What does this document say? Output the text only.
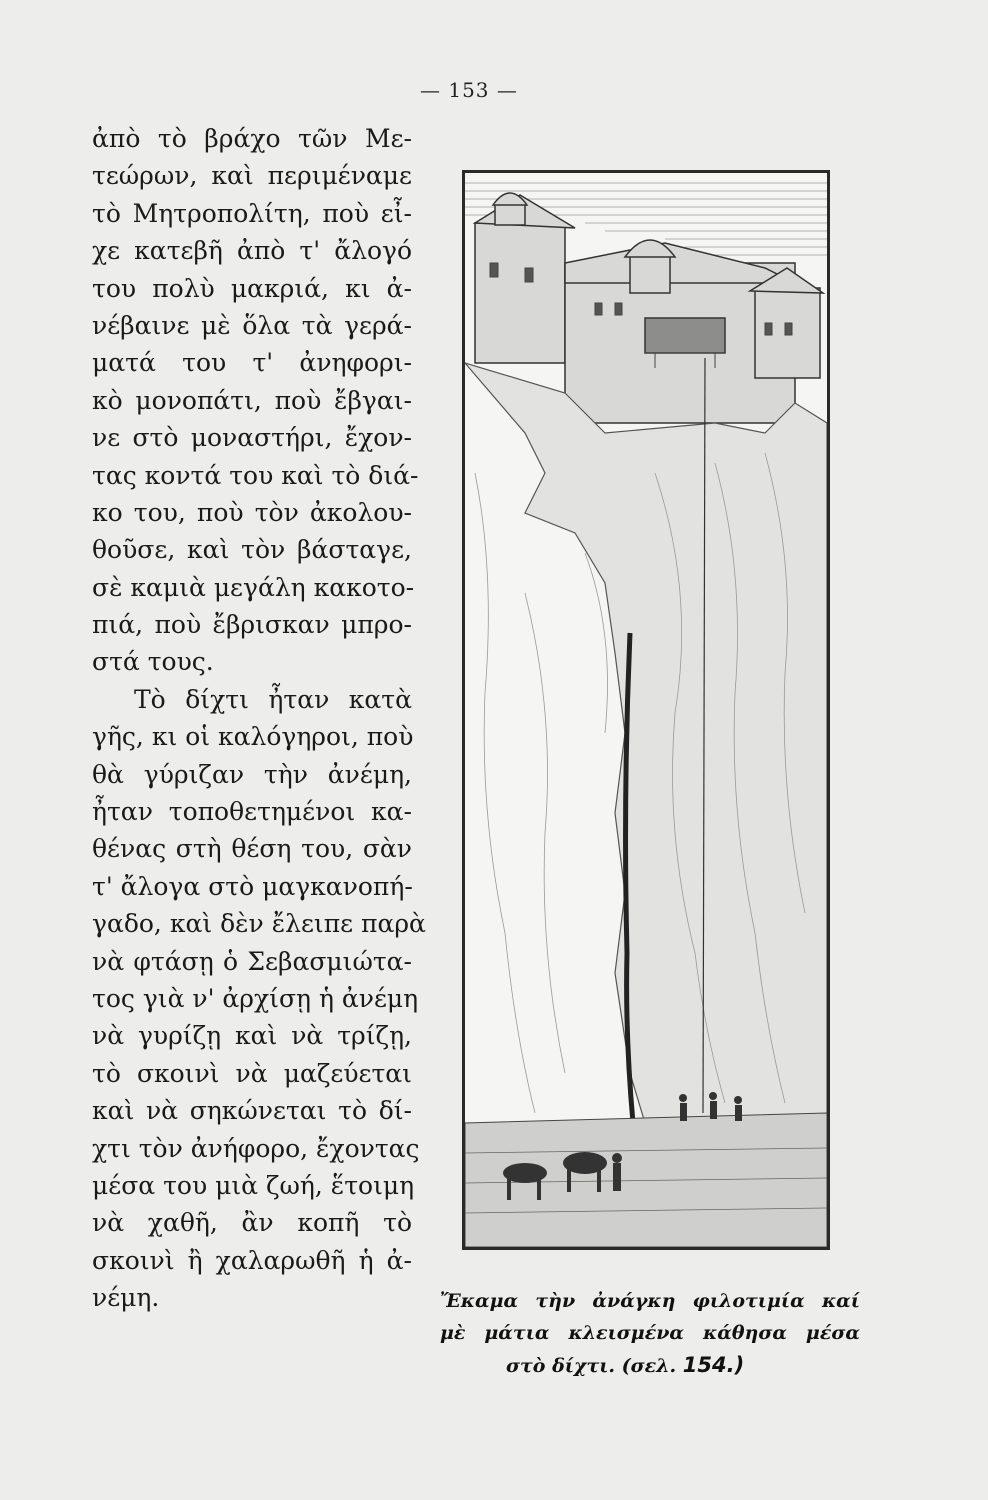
— 153 —
ἀπὸ τὸ βράχο τῶν Με-
τεώρων, καὶ περιμέναμε
τὸ Μητροπολίτη, ποὺ εἶ-
χε κατεβῆ ἀπὸ τ' ἄλογό
του πολὺ μακριά, κι ἀ-
νέβαινε μὲ ὅλα τὰ γερά-
ματά του τ' ἀνηφορι-
κὸ μονοπάτι, ποὺ ἔβγαι-
νε στὸ μοναστήρι, ἔχον-
τας κοντά του καὶ τὸ διά-
κο του, ποὺ τὸν ἀκολου-
θοῦσε, καὶ τὸν βάσταγε,
σὲ καμιὰ μεγάλη κακοτο-
πιά, ποὺ ἔβρισκαν μπρο-
στά τους.
Τὸ δίχτι ἦταν κατὰ
γῆς, κι οἱ καλόγηροι, ποὺ
θὰ γύριζαν τὴν ἀνέμη,
ἦταν τοποθετημένοι κα-
θένας στὴ θέση του, σὰν
τ' ἄλογα στὸ μαγκανοπή-
γαδο, καὶ δὲν ἔλειπε παρὰ
νὰ φτάσῃ ὁ Σεβασμιώτα-
τος γιὰ ν' ἀρχίσῃ ἡ ἀνέμη
νὰ γυρίζῃ καὶ νὰ τρίζῃ,
τὸ σκοινὶ νὰ μαζεύεται
καὶ νὰ σηκώνεται τὸ δί-
χτι τὸν ἀνήφορο, ἔχοντας
μέσα του μιὰ ζωή, ἕτοιμη
νὰ χαθῆ, ἂν κοπῆ τὸ
σκοινὶ ἢ χαλαρωθῆ ἡ ἀ-
νέμη.	Ἔκαμα τὴν ἀνάγκη φιλοτιμία καί
μὲ μάτια κλεισμένα κάθησα μέσα
στὸ δίχτι. (σελ. 154.)
